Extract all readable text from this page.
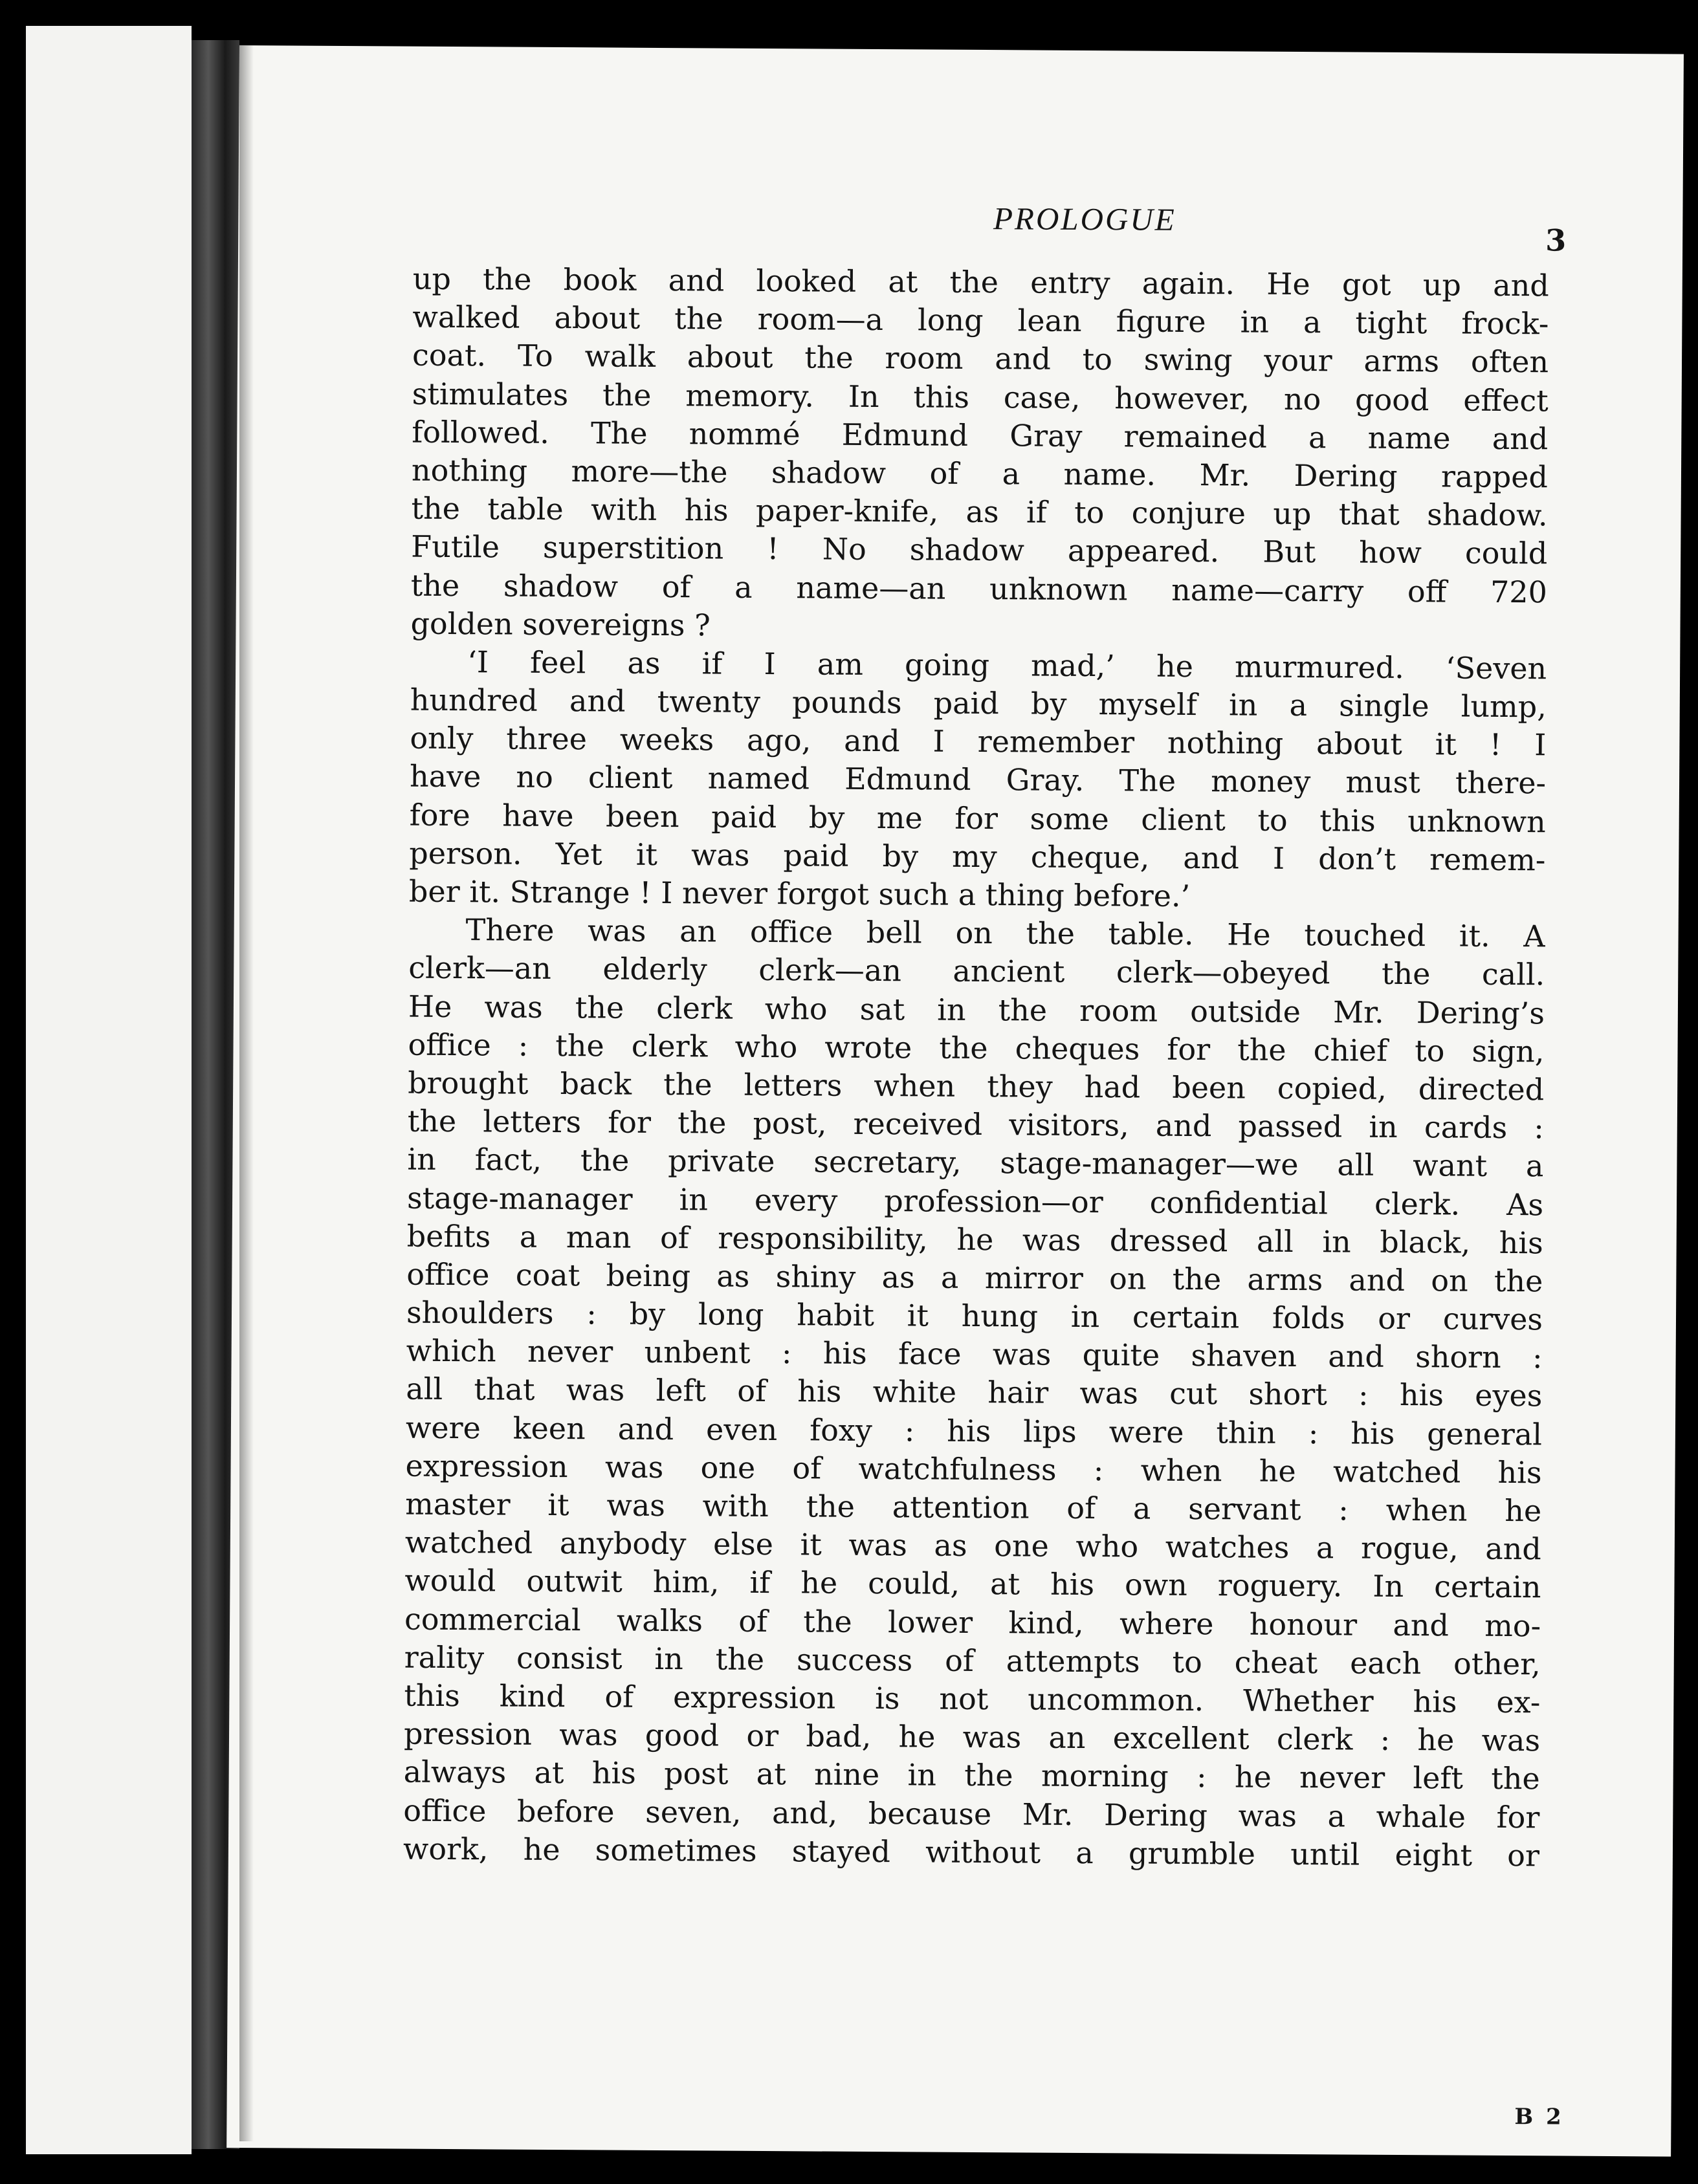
PROLOGUE
3
up the book and looked at the entry again. He got up and
walked about the room—a long lean figure in a tight frock-
coat. To walk about the room and to swing your arms often
stimulates the memory. In this case, however, no good effect
followed. The nommé Edmund Gray remained a name and
nothing more—the shadow of a name. Mr. Dering rapped
the table with his paper-knife, as if to conjure up that shadow.
Futile superstition ! No shadow appeared. But how could
the shadow of a name—an unknown name—carry off 720
golden sovereigns ?
‘I feel as if I am going mad,’ he murmured. ‘Seven
hundred and twenty pounds paid by myself in a single lump,
only three weeks ago, and I remember nothing about it ! I
have no client named Edmund Gray. The money must there-
fore have been paid by me for some client to this unknown
person. Yet it was paid by my cheque, and I don’t remem-
ber it. Strange ! I never forgot such a thing before.’
There was an office bell on the table. He touched it. A
clerk—an elderly clerk—an ancient clerk—obeyed the call.
He was the clerk who sat in the room outside Mr. Dering’s
office : the clerk who wrote the cheques for the chief to sign,
brought back the letters when they had been copied, directed
the letters for the post, received visitors, and passed in cards :
in fact, the private secretary, stage-manager—we all want a
stage-manager in every profession—or confidential clerk. As
befits a man of responsibility, he was dressed all in black, his
office coat being as shiny as a mirror on the arms and on the
shoulders : by long habit it hung in certain folds or curves
which never unbent : his face was quite shaven and shorn :
all that was left of his white hair was cut short : his eyes
were keen and even foxy : his lips were thin : his general
expression was one of watchfulness : when he watched his
master it was with the attention of a servant : when he
watched anybody else it was as one who watches a rogue, and
would outwit him, if he could, at his own roguery. In certain
commercial walks of the lower kind, where honour and mo-
rality consist in the success of attempts to cheat each other,
this kind of expression is not uncommon. Whether his ex-
pression was good or bad, he was an excellent clerk : he was
always at his post at nine in the morning : he never left the
office before seven, and, because Mr. Dering was a whale for
work, he sometimes stayed without a grumble until eight or
B 2
